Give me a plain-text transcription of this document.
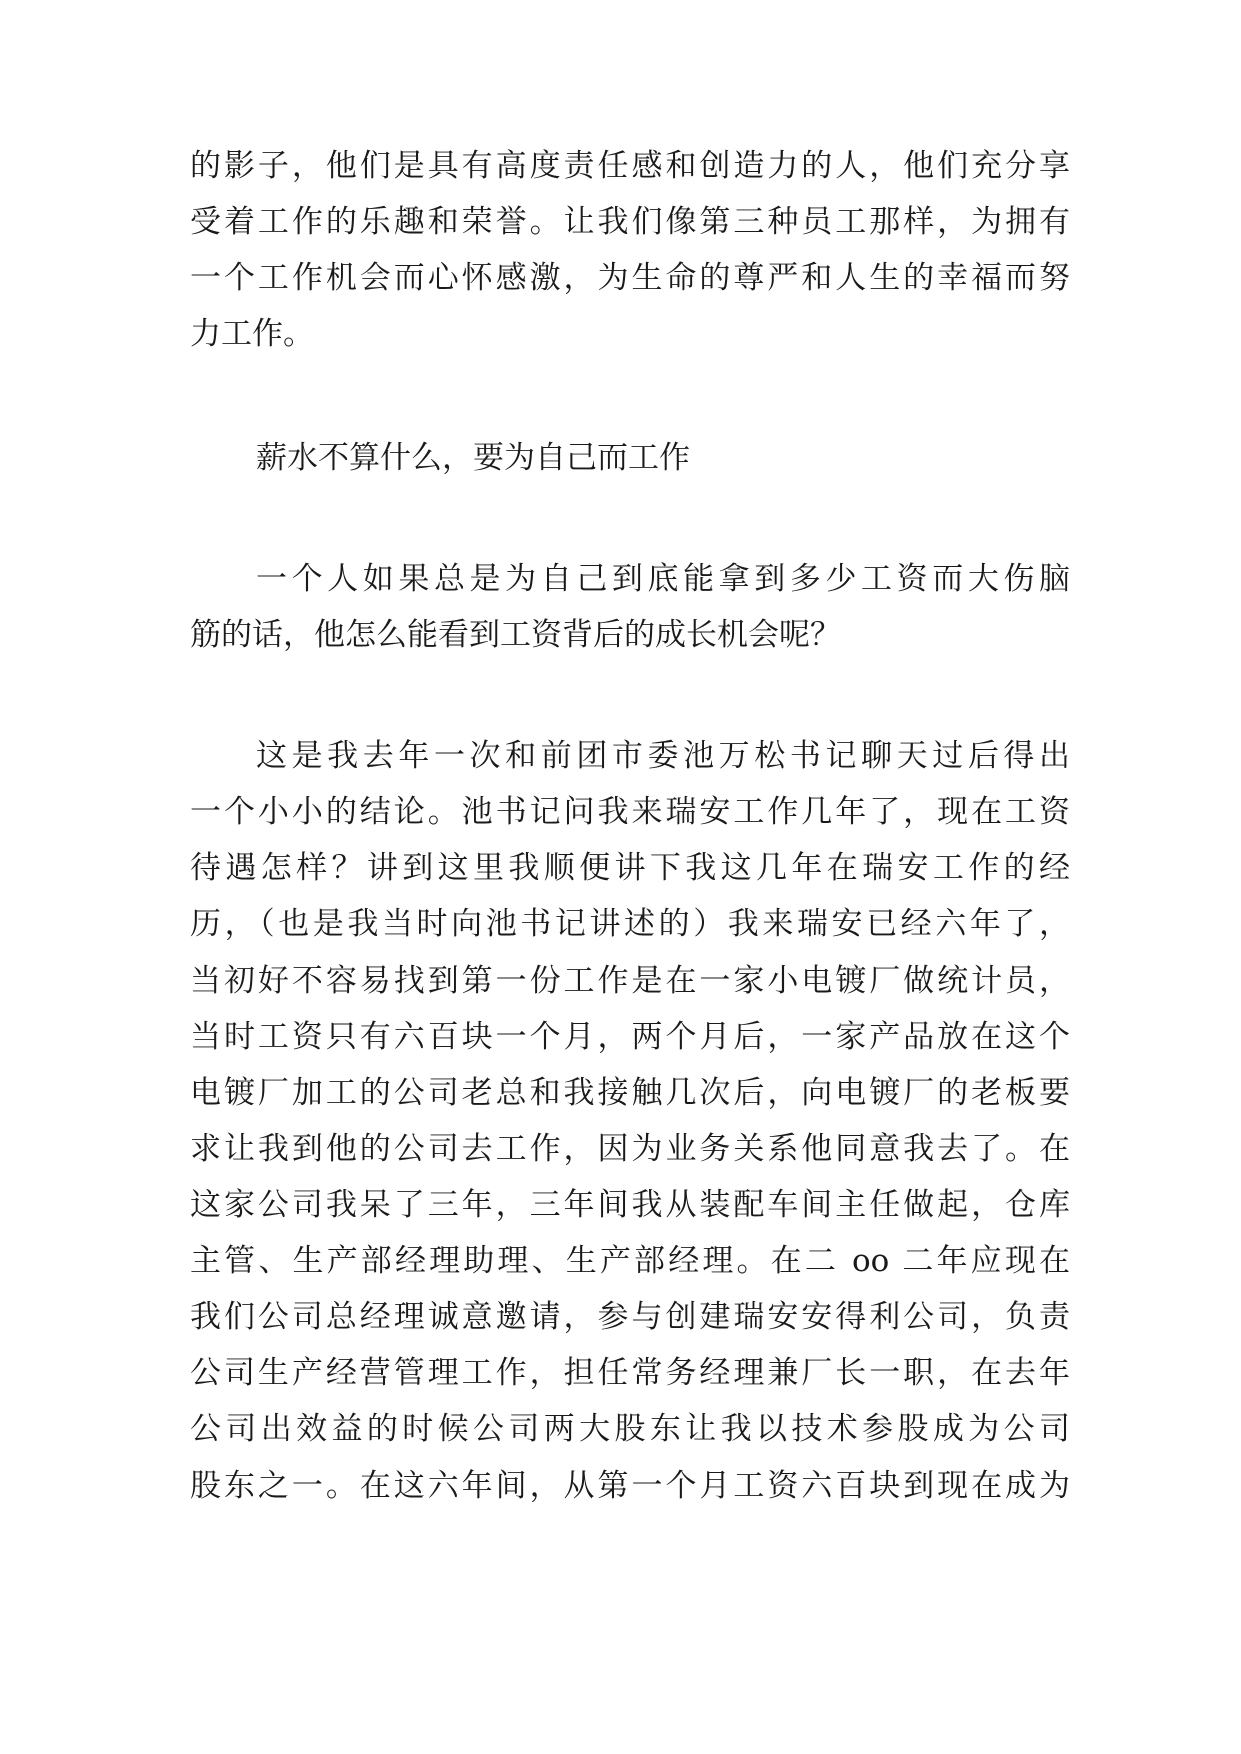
的影子，他们是具有高度责任感和创造力的人，他们充分享
受着工作的乐趣和荣誉。让我们像第三种员工那样，为拥有
一个工作机会而心怀感激，为生命的尊严和人生的幸福而努
力工作。
薪水不算什么，要为自己而工作
一个人如果总是为自己到底能拿到多少工资而大伤脑
筋的话，他怎么能看到工资背后的成长机会呢？
这是我去年一次和前团市委池万松书记聊天过后得出
一个小小的结论。池书记问我来瑞安工作几年了，现在工资
待遇怎样？讲到这里我顺便讲下我这几年在瑞安工作的经
历，（也是我当时向池书记讲述的）我来瑞安已经六年了，
当初好不容易找到第一份工作是在一家小电镀厂做统计员，
当时工资只有六百块一个月，两个月后，一家产品放在这个
电镀厂加工的公司老总和我接触几次后，向电镀厂的老板要
求让我到他的公司去工作，因为业务关系他同意我去了。在
这家公司我呆了三年，三年间我从装配车间主任做起，仓库
主管、生产部经理助理、生产部经理。在二 oo 二年应现在
我们公司总经理诚意邀请，参与创建瑞安安得利公司，负责
公司生产经营管理工作，担任常务经理兼厂长一职，在去年
公司出效益的时候公司两大股东让我以技术参股成为公司
股东之一。在这六年间，从第一个月工资六百块到现在成为
